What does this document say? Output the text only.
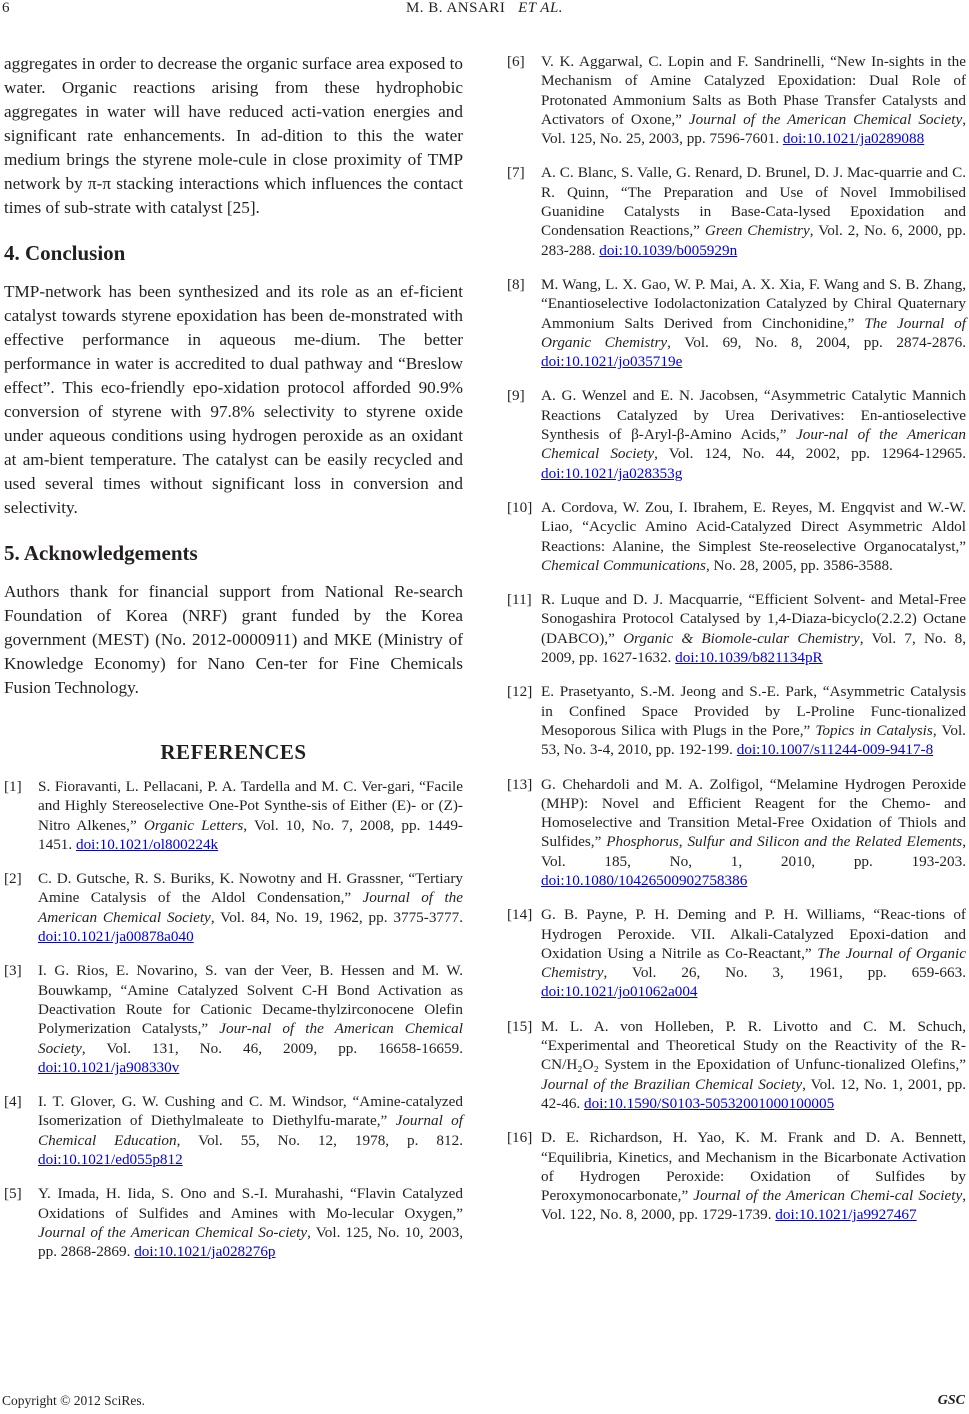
6	M. B. ANSARI ET AL.

aggregates in order to decrease the organic surface area exposed to water. Organic reactions arising from these hydrophobic aggregates in water will have reduced acti-vation energies and significant rate enhancements. In ad-dition to this the water medium brings the styrene mole-cule in close proximity of TMP network by π-π stacking interactions which influences the contact times of sub-strate with catalyst [25].

4. Conclusion

TMP-network has been synthesized and its role as an ef-ficient catalyst towards styrene epoxidation has been de-monstrated with effective performance in aqueous me-dium. The better performance in water is accredited to dual pathway and “Breslow effect”. This eco-friendly epo-xidation protocol afforded 90.9% conversion of styrene with 97.8% selectivity to styrene oxide under aqueous conditions using hydrogen peroxide as an oxidant at am-bient temperature. The catalyst can be easily recycled and used several times without significant loss in conversion and selectivity.

5. Acknowledgements

Authors thank for financial support from National Re-search Foundation of Korea (NRF) grant funded by the Korea government (MEST) (No. 2012-0000911) and MKE (Ministry of Knowledge Economy) for Nano Cen-ter for Fine Chemicals Fusion Technology.

REFERENCES
[1]	S. Fioravanti, L. Pellacani, P. A. Tardella and M. C. Ver-gari, “Facile and Highly Stereoselective One-Pot Synthe-sis of Either (E)- or (Z)-Nitro Alkenes,” Organic Letters, Vol. 10, No. 7, 2008, pp. 1449-1451. doi:10.1021/ol800224k
[2]	C. D. Gutsche, R. S. Buriks, K. Nowotny and H. Grassner, “Tertiary Amine Catalysis of the Aldol Condensation,” Journal of the American Chemical Society, Vol. 84, No. 19, 1962, pp. 3775-3777. doi:10.1021/ja00878a040
[3]	I. G. Rios, E. Novarino, S. van der Veer, B. Hessen and M. W. Bouwkamp, “Amine Catalyzed Solvent C-H Bond Activation as Deactivation Route for Cationic Decame-thylzirconocene Olefin Polymerization Catalysts,” Jour-nal of the American Chemical Society, Vol. 131, No. 46, 2009, pp. 16658-16659. doi:10.1021/ja908330v
[4]	I. T. Glover, G. W. Cushing and C. M. Windsor, “Amine-catalyzed Isomerization of Diethylmaleate to Diethylfu-marate,” Journal of Chemical Education, Vol. 55, No. 12, 1978, p. 812. doi:10.1021/ed055p812
[5]	Y. Imada, H. Iida, S. Ono and S.-I. Murahashi, “Flavin Catalyzed Oxidations of Sulfides and Amines with Mo-lecular Oxygen,” Journal of the American Chemical So-ciety, Vol. 125, No. 10, 2003, pp. 2868-2869. doi:10.1021/ja028276p
[6]	V. K. Aggarwal, C. Lopin and F. Sandrinelli, “New In-sights in the Mechanism of Amine Catalyzed Epoxidation: Dual Role of Protonated Ammonium Salts as Both Phase Transfer Catalysts and Activators of Oxone,” Journal of the American Chemical Society, Vol. 125, No. 25, 2003, pp. 7596-7601. doi:10.1021/ja0289088
[7]	A. C. Blanc, S. Valle, G. Renard, D. Brunel, D. J. Mac-quarrie and C. R. Quinn, “The Preparation and Use of Novel Immobilised Guanidine Catalysts in Base-Cata-lysed Epoxidation and Condensation Reactions,” Green Chemistry, Vol. 2, No. 6, 2000, pp. 283-288. doi:10.1039/b005929n
[8]	M. Wang, L. X. Gao, W. P. Mai, A. X. Xia, F. Wang and S. B. Zhang, “Enantioselective Iodolactonization Catalyzed by Chiral Quaternary Ammonium Salts Derived from Cinchonidine,” The Journal of Organic Chemistry, Vol. 69, No. 8, 2004, pp. 2874-2876. doi:10.1021/jo035719e
[9]	A. G. Wenzel and E. N. Jacobsen, “Asymmetric Catalytic Mannich Reactions Catalyzed by Urea Derivatives: En-antioselective Synthesis of β-Aryl-β-Amino Acids,” Jour-nal of the American Chemical Society, Vol. 124, No. 44, 2002, pp. 12964-12965. doi:10.1021/ja028353g
[10] A. Cordova, W. Zou, I. Ibrahem, E. Reyes, M. Engqvist and W.-W. Liao, “Acyclic Amino Acid-Catalyzed Direct Asymmetric Aldol Reactions: Alanine, the Simplest Ste-reoselective Organocatalyst,” Chemical Communications, No. 28, 2005, pp. 3586-3588.
[11] R. Luque and D. J. Macquarrie, “Efficient Solvent- and Metal-Free Sonogashira Protocol Catalysed by 1,4-Diaza-bicyclo(2.2.2) Octane (DABCO),” Organic & Biomole-cular Chemistry, Vol. 7, No. 8, 2009, pp. 1627-1632. doi:10.1039/b821134pR
[12] E. Prasetyanto, S.-M. Jeong and S.-E. Park, “Asymmetric Catalysis in Confined Space Provided by L-Proline Func-tionalized Mesoporous Silica with Plugs in the Pore,” Topics in Catalysis, Vol. 53, No. 3-4, 2010, pp. 192-199. doi:10.1007/s11244-009-9417-8
[13] G. Chehardoli and M. A. Zolfigol, “Melamine Hydrogen Peroxide (MHP): Novel and Efficient Reagent for the Chemo- and Homoselective and Transition Metal-Free Oxidation of Thiols and Sulfides,” Phosphorus, Sulfur and Silicon and the Related Elements, Vol. 185, No, 1, 2010, pp. 193-203. doi:10.1080/10426500902758386
[14] G. B. Payne, P. H. Deming and P. H. Williams, “Reac-tions of Hydrogen Peroxide. VII. Alkali-Catalyzed Epoxi-dation and Oxidation Using a Nitrile as Co-Reactant,” The Journal of Organic Chemistry, Vol. 26, No. 3, 1961, pp. 659-663. doi:10.1021/jo01062a004
[15] M. L. A. von Holleben, P. R. Livotto and C. M. Schuch, “Experimental and Theoretical Study on the Reactivity of the R-CN/H₂O₂ System in the Epoxidation of Unfunc-tionalized Olefins,” Journal of the Brazilian Chemical Society, Vol. 12, No. 1, 2001, pp. 42-46. doi:10.1590/S0103-50532001000100005
[16] D. E. Richardson, H. Yao, K. M. Frank and D. A. Bennett, “Equilibria, Kinetics, and Mechanism in the Bicarbonate Activation of Hydrogen Peroxide: Oxidation of Sulfides by Peroxymonocarbonate,” Journal of the American Chemi-cal Society, Vol. 122, No. 8, 2000, pp. 1729-1739. doi:10.1021/ja9927467
Copyright © 2012 SciRes.	GSC
